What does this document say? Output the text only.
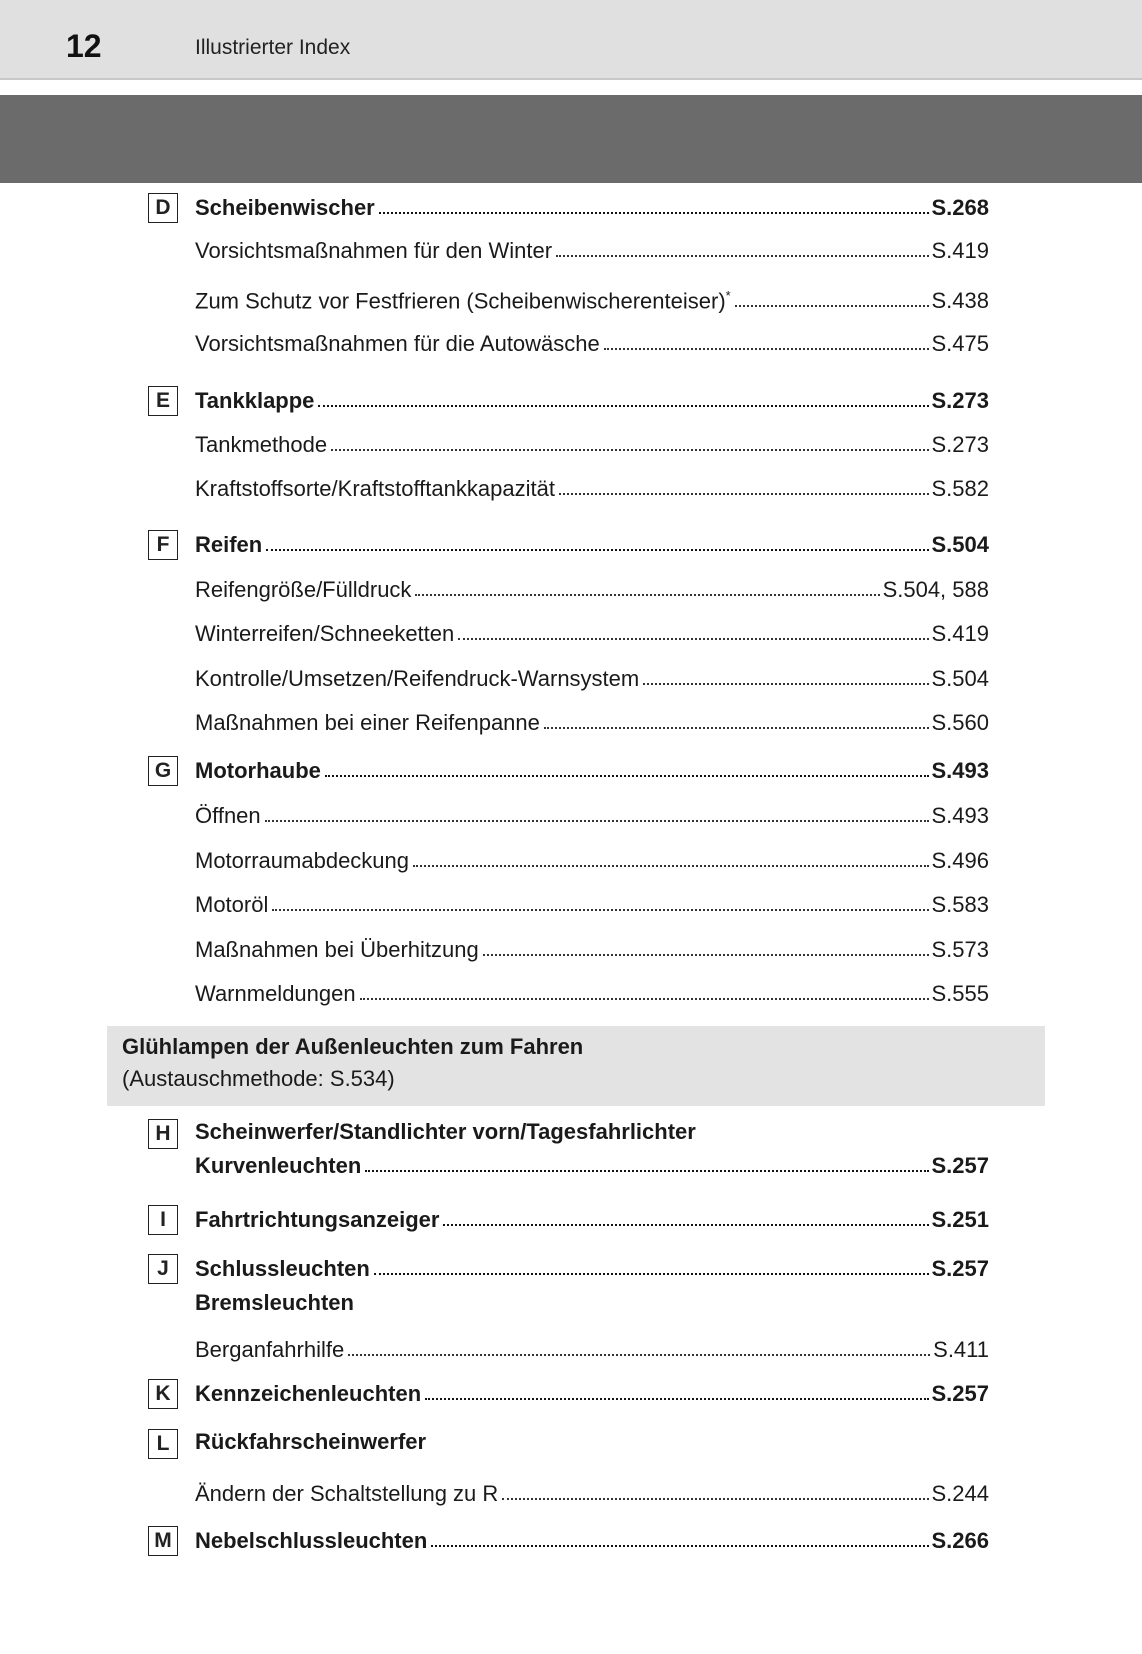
12	Illustrierter Index
D	Scheibenwischer	S.268
Vorsichtsmaßnahmen für den Winter	S.419
Zum Schutz vor Festfrieren (Scheibenwischerenteiser)*	S.438
Vorsichtsmaßnahmen für die Autowäsche	S.475
E	Tankklappe	S.273
Tankmethode	S.273
Kraftstoffsorte/Kraftstofftankkapazität	S.582
F	Reifen	S.504
Reifengröße/Fülldruck	S.504, 588
Winterreifen/Schneeketten	S.419
Kontrolle/Umsetzen/Reifendruck-Warnsystem	S.504
Maßnahmen bei einer Reifenpanne	S.560
G	Motorhaube	S.493
Öffnen	S.493
Motorraumabdeckung	S.496
Motoröl	S.583
Maßnahmen bei Überhitzung	S.573
Warnmeldungen	S.555
Glühlampen der Außenleuchten zum Fahren
(Austauschmethode: S.534)
H	Scheinwerfer/Standlichter vorn/Tagesfahrlichter
Kurvenleuchten	S.257
I	Fahrtrichtungsanzeiger	S.251
J	Schlussleuchten	S.257
Bremsleuchten
Berganfahrhilfe	S.411
K	Kennzeichenleuchten	S.257
L	Rückfahrscheinwerfer
Ändern der Schaltstellung zu R	S.244
M Nebelschlussleuchten	S.266
